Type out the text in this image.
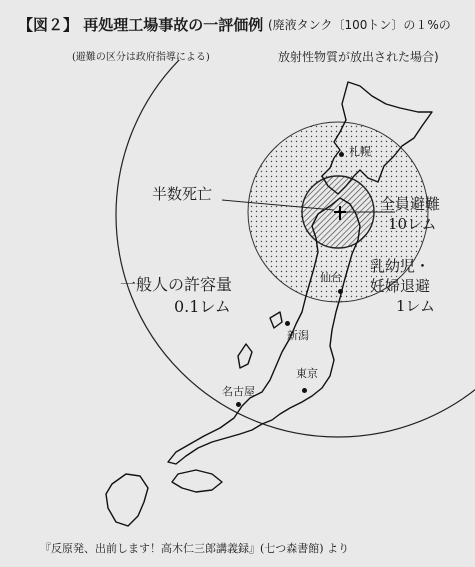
【図２】 再処理工場事故の一評価例 (廃液タンク〔100トン〕の１%の
放射性物質が放出された場合)
(避難の区分は政府指導による)
札幌
仙台
新潟
東京
名古屋
半数死亡
全員避難
10レム
乳幼児・
妊婦退避
1レム
一般人の許容量
0.1レム
『反原発、出前します！高木仁三郎講義録』(七つ森書館) より
